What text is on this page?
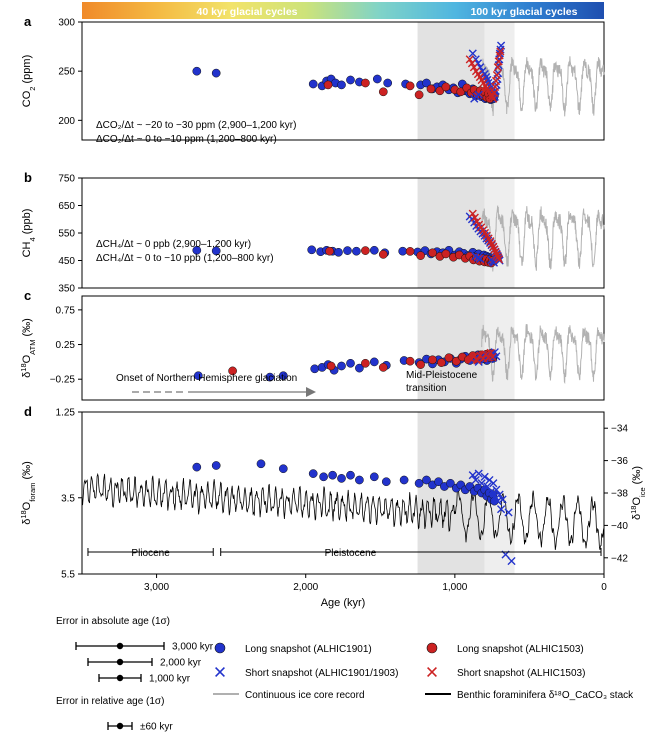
40 kyr glacial cycles	100 kyr glacial cycles
200
250
300
a
350
450
550
650
750
b
−0.25
0.25
0.75
c
1.25
3.5
5.5
−34
−36
−38
−40
−42
d
3,000	2,000	1,000	0
Age (kyr)
Pliocene	Pleistocene
$CO_2$ (ppm)
$CH_4$ (ppb)
$\delta^{18}O_{ATM}$ (‰)
$\delta^{18}O_{foram}$ (‰)
$\delta^{18}O_{ice}$ (‰)
ΔCO₂/Δt ~ −20 to −30 ppm (2,900–1,200 kyr)
ΔCO₂/Δt ~ 0 to −10 ppm (1,200–800 kyr)
ΔCH₄/Δt ~ 0 ppb (2,900–1,200 kyr)
ΔCH₄/Δt ~ 0 to −10 ppb (1,200–800 kyr)
Onset of Northern Hemisphere glaciation	Mid-Pleistocene
transition
Error in absolute age (1σ)
3,000 kyr
2,000 kyr
1,000 kyr
Error in relative age (1σ)
±60 kyr
Long snapshot (ALHIC1901)	Long snapshot (ALHIC1503)
Short snapshot (ALHIC1901/1903)	Short snapshot (ALHIC1503)
Continuous ice core record	Benthic foraminifera δ¹⁸O_CaCO₃ stack
